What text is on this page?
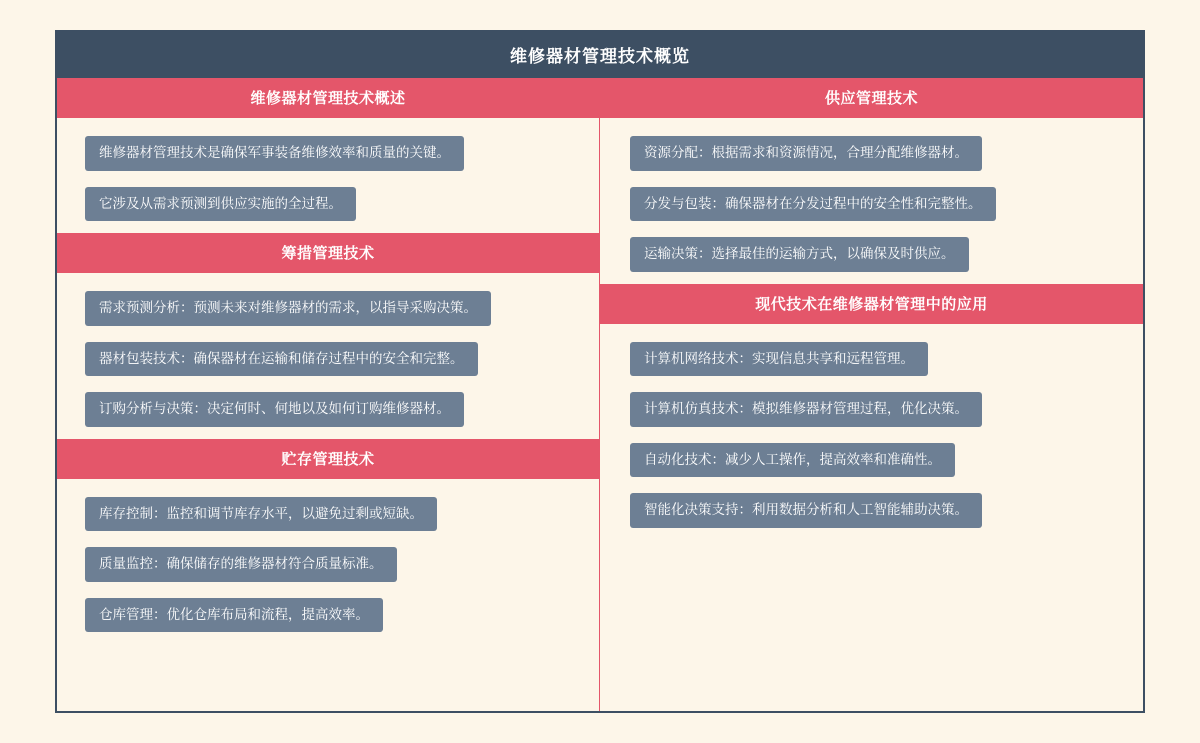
维修器材管理技术概览
维修器材管理技术概述
维修器材管理技术是确保军事装备维修效率和质量的关键。
它涉及从需求预测到供应实施的全过程。
筹措管理技术
需求预测分析：预测未来对维修器材的需求，以指导采购决策。
器材包装技术：确保器材在运输和储存过程中的安全和完整。
订购分析与决策：决定何时、何地以及如何订购维修器材。
贮存管理技术
库存控制：监控和调节库存水平，以避免过剩或短缺。
质量监控：确保储存的维修器材符合质量标准。
仓库管理：优化仓库布局和流程，提高效率。
供应管理技术
资源分配：根据需求和资源情况，合理分配维修器材。
分发与包装：确保器材在分发过程中的安全性和完整性。
运输决策：选择最佳的运输方式，以确保及时供应。
现代技术在维修器材管理中的应用
计算机网络技术：实现信息共享和远程管理。
计算机仿真技术：模拟维修器材管理过程，优化决策。
自动化技术：减少人工操作，提高效率和准确性。
智能化决策支持：利用数据分析和人工智能辅助决策。
